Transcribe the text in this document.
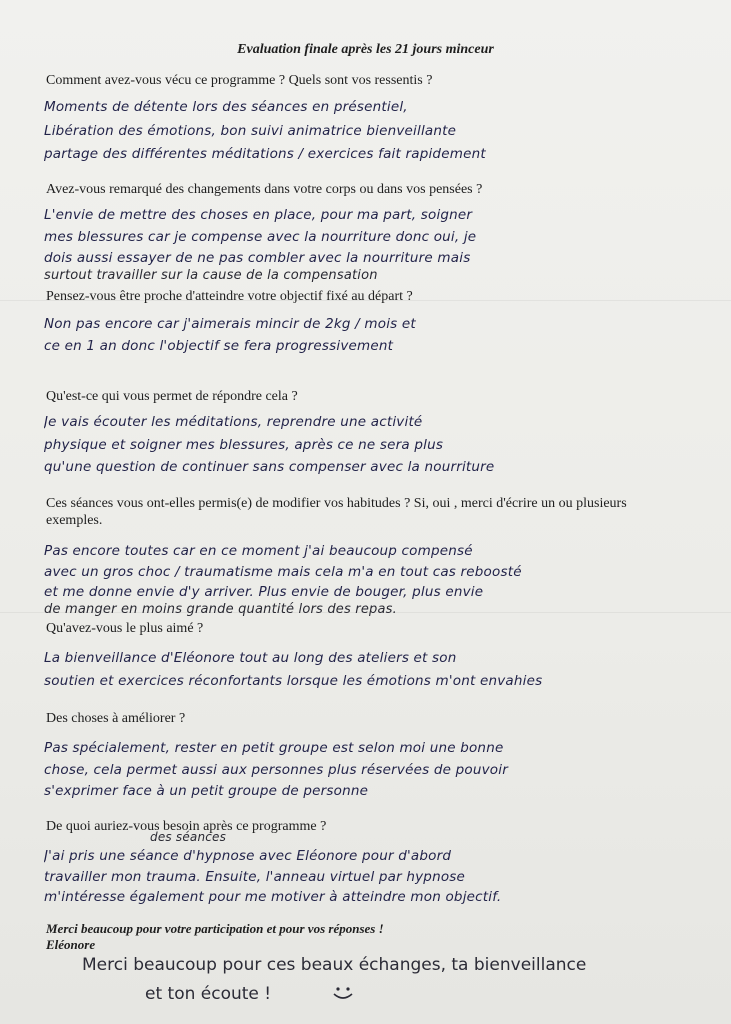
Evaluation finale après les 21 jours minceur
Comment avez-vous vécu ce programme ? Quels sont vos ressentis ?
Moments de détente lors des séances en présentiel,
Libération des émotions, bon suivi animatrice bienveillante
partage des différentes méditations / exercices fait rapidement
Avez-vous remarqué des changements dans votre corps ou dans vos pensées ?
L'envie de mettre des choses en place, pour ma part, soigner
mes blessures car je compense avec la nourriture donc oui, je
dois aussi essayer de ne pas combler avec la nourriture mais
surtout travailler sur la cause de la compensation
Pensez-vous être proche d'atteindre votre objectif fixé au départ ?
Non pas encore car j'aimerais mincir de 2kg / mois et
ce en 1 an donc l'objectif se fera progressivement
Qu'est-ce qui vous permet de répondre cela ?
Je vais écouter les méditations, reprendre une activité
physique et soigner mes blessures, après ce ne sera plus
qu'une question de continuer sans compenser avec la nourriture
Ces séances vous ont-elles permis(e) de modifier vos habitudes ? Si, oui , merci d'écrire un ou plusieurs exemples.
Pas encore toutes car en ce moment j'ai beaucoup compensé
avec un gros choc / traumatisme mais cela m'a en tout cas reboosté
et me donne envie d'y arriver. Plus envie de bouger, plus envie
de manger en moins grande quantité lors des repas.
Qu'avez-vous le plus aimé ?
La bienveillance d'Eléonore tout au long des ateliers et son
soutien et exercices réconfortants lorsque les émotions m'ont envahies
Des choses à améliorer ?
Pas spécialement, rester en petit groupe est selon moi une bonne
chose, cela permet aussi aux personnes plus réservées de pouvoir
s'exprimer face à un petit groupe de personne
De quoi auriez-vous besoin après ce programme ?
des séances
J'ai pris une séance d'hypnose avec Eléonore pour d'abord
travailler mon trauma. Ensuite, l'anneau virtuel par hypnose
m'intéresse également pour me motiver à atteindre mon objectif.
Merci beaucoup pour votre participation et pour vos réponses !
Eléonore
Merci beaucoup pour ces beaux échanges, ta bienveillance
et ton écoute !
